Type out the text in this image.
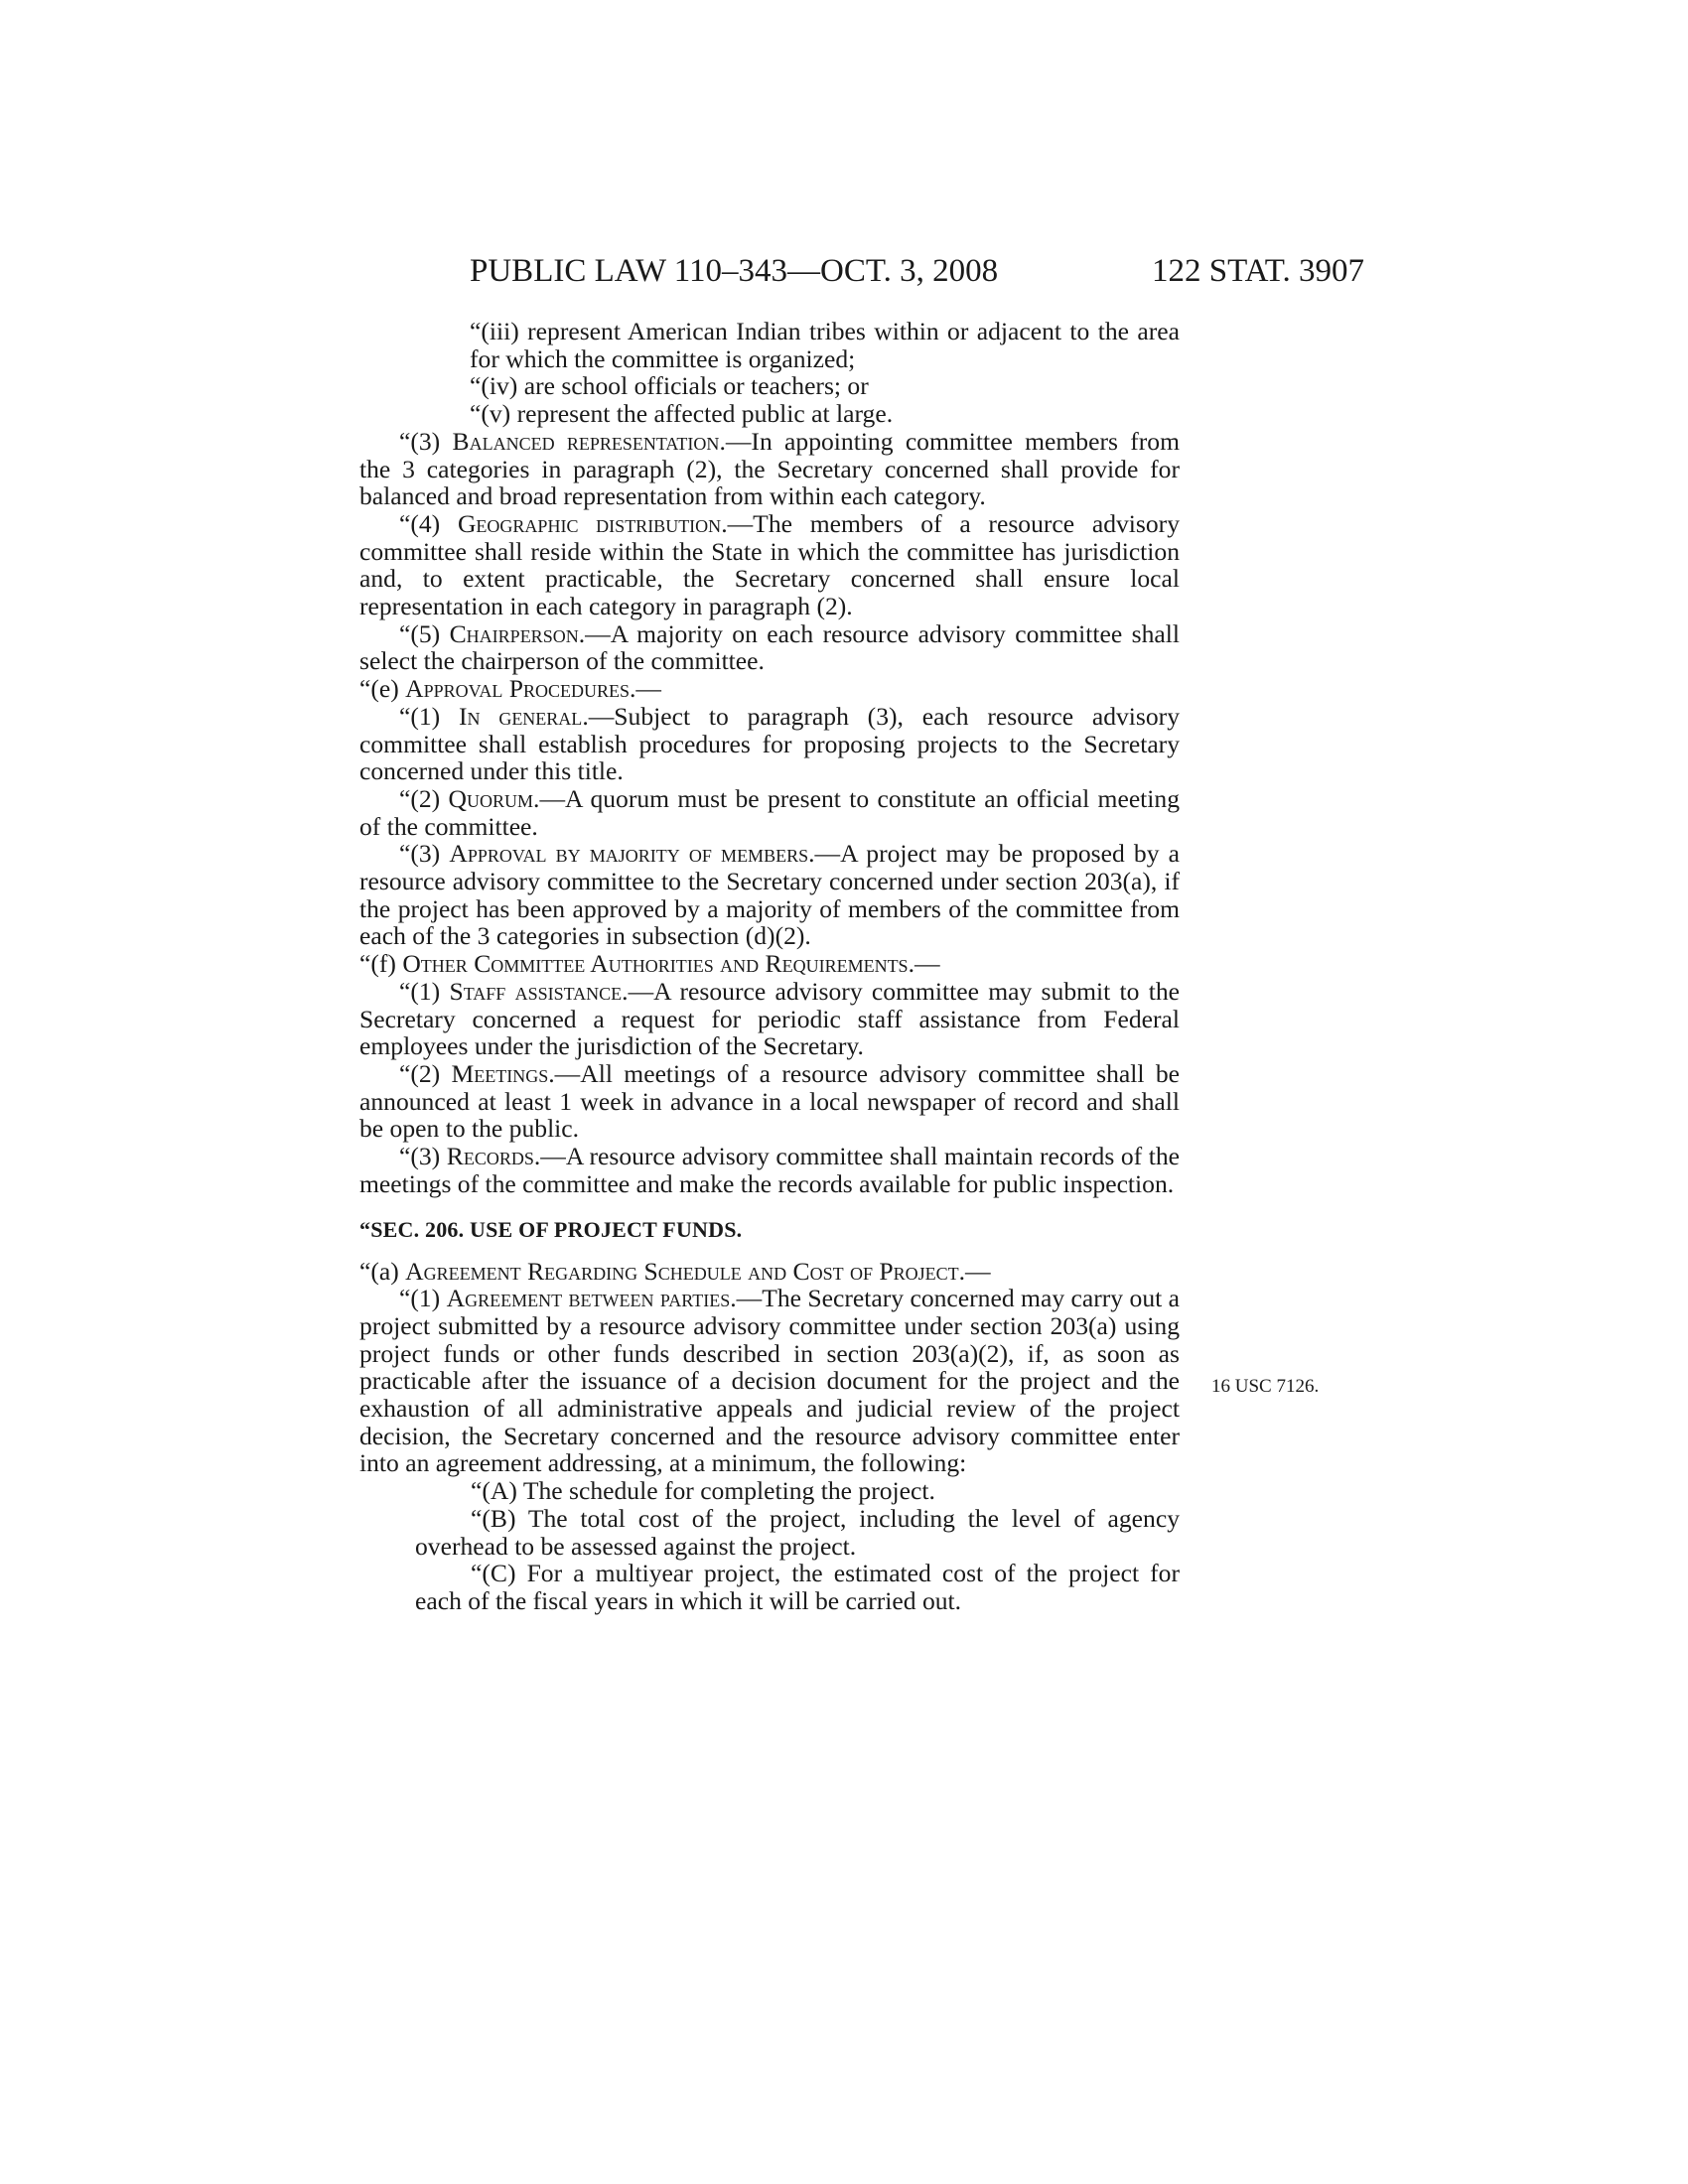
PUBLIC LAW 110–343—OCT. 3, 2008	122 STAT. 3907

“(iii) represent American Indian tribes within or adjacent to the area for which the committee is organized;

“(iv) are school officials or teachers; or

“(v) represent the affected public at large.

“(3) Balanced representation.—In appointing committee members from the 3 categories in paragraph (2), the Secretary concerned shall provide for balanced and broad representation from within each category.

“(4) Geographic distribution.—The members of a resource advisory committee shall reside within the State in which the committee has jurisdiction and, to extent practicable, the Secretary concerned shall ensure local representation in each category in paragraph (2).

“(5) Chairperson.—A majority on each resource advisory committee shall select the chairperson of the committee.

“(e) Approval Procedures.—

“(1) In general.—Subject to paragraph (3), each resource advisory committee shall establish procedures for proposing projects to the Secretary concerned under this title.

“(2) Quorum.—A quorum must be present to constitute an official meeting of the committee.

“(3) Approval by majority of members.—A project may be proposed by a resource advisory committee to the Secretary concerned under section 203(a), if the project has been approved by a majority of members of the committee from each of the 3 categories in subsection (d)(2).

“(f) Other Committee Authorities and Requirements.—

“(1) Staff assistance.—A resource advisory committee may submit to the Secretary concerned a request for periodic staff assistance from Federal employees under the jurisdiction of the Secretary.

“(2) Meetings.—All meetings of a resource advisory committee shall be announced at least 1 week in advance in a local newspaper of record and shall be open to the public.

“(3) Records.—A resource advisory committee shall maintain records of the meetings of the committee and make the records available for public inspection.

“SEC. 206. USE OF PROJECT FUNDS.

“(a) Agreement Regarding Schedule and Cost of Project.—

“(1) Agreement between parties.—The Secretary concerned may carry out a project submitted by a resource advisory committee under section 203(a) using project funds or other funds described in section 203(a)(2), if, as soon as practicable after the issuance of a decision document for the project and the exhaustion of all administrative appeals and judicial review of the project decision, the Secretary concerned and the resource advisory committee enter into an agreement addressing, at a minimum, the following:

“(A) The schedule for completing the project.

“(B) The total cost of the project, including the level of agency overhead to be assessed against the project.

“(C) For a multiyear project, the estimated cost of the project for each of the fiscal years in which it will be carried out.

16 USC 7126.
